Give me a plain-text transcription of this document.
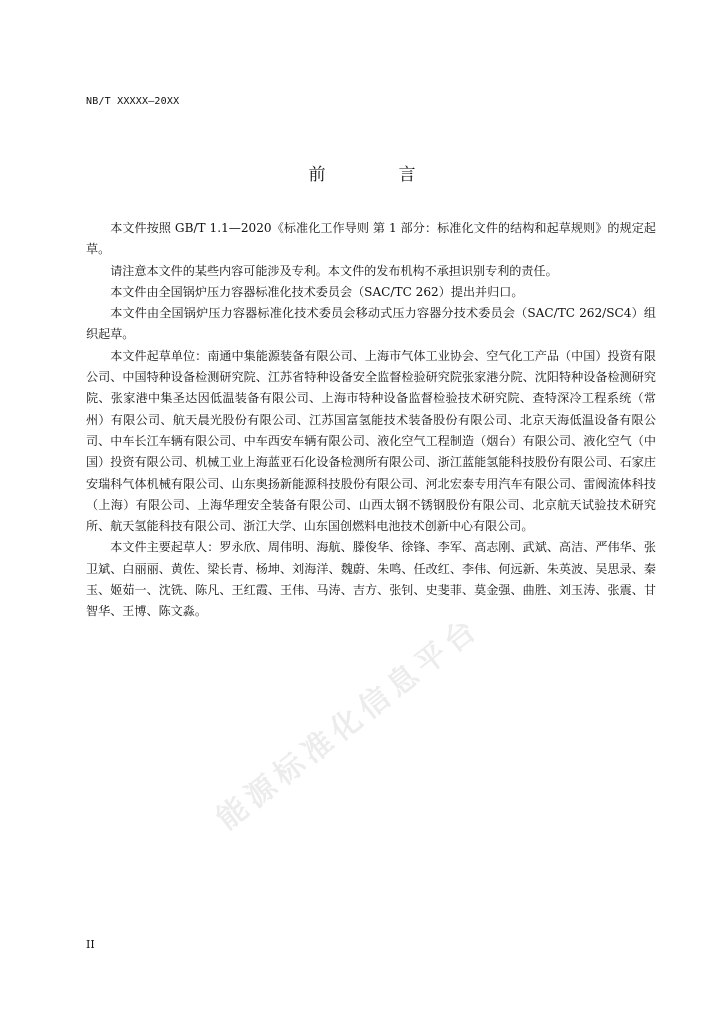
NB/T XXXXX—20XX
前　言

本文件按照 GB/T 1.1—2020《标准化工作导则 第 1 部分：标准化文件的结构和起草规则》的规定起草。

请注意本文件的某些内容可能涉及专利。本文件的发布机构不承担识别专利的责任。

本文件由全国锅炉压力容器标准化技术委员会（SAC/TC 262）提出并归口。

本文件由全国锅炉压力容器标准化技术委员会移动式压力容器分技术委员会（SAC/TC 262/SC4）组织起草。

本文件起草单位：南通中集能源装备有限公司、上海市气体工业协会、空气化工产品（中国）投资有限公司、中国特种设备检测研究院、江苏省特种设备安全监督检验研究院张家港分院、沈阳特种设备检测研究院、张家港中集圣达因低温装备有限公司、上海市特种设备监督检验技术研究院、查特深冷工程系统（常州）有限公司、航天晨光股份有限公司、江苏国富氢能技术装备股份有限公司、北京天海低温设备有限公司、中车长江车辆有限公司、中车西安车辆有限公司、液化空气工程制造（烟台）有限公司、液化空气（中国）投资有限公司、机械工业上海蓝亚石化设备检测所有限公司、浙江蓝能氢能科技股份有限公司、石家庄安瑞科气体机械有限公司、山东奥扬新能源科技股份有限公司、河北宏泰专用汽车有限公司、雷阀流体科技（上海）有限公司、上海华理安全装备有限公司、山西太钢不锈钢股份有限公司、北京航天试验技术研究所、航天氢能科技有限公司、浙江大学、山东国创燃料电池技术创新中心有限公司。

本文件主要起草人：罗永欣、周伟明、海航、滕俊华、徐锋、李军、高志刚、武斌、高洁、严伟华、张卫斌、白丽丽、黄佐、梁长青、杨坤、刘海洋、魏蔚、朱鸣、任改红、李伟、何远新、朱英波、吴思录、秦玉、姬茹一、沈铣、陈凡、王红霞、王伟、马涛、吉方、张钊、史斐菲、莫金强、曲胜、刘玉涛、张震、甘智华、王博、陈文淼。 能源标准化信息平台
II
